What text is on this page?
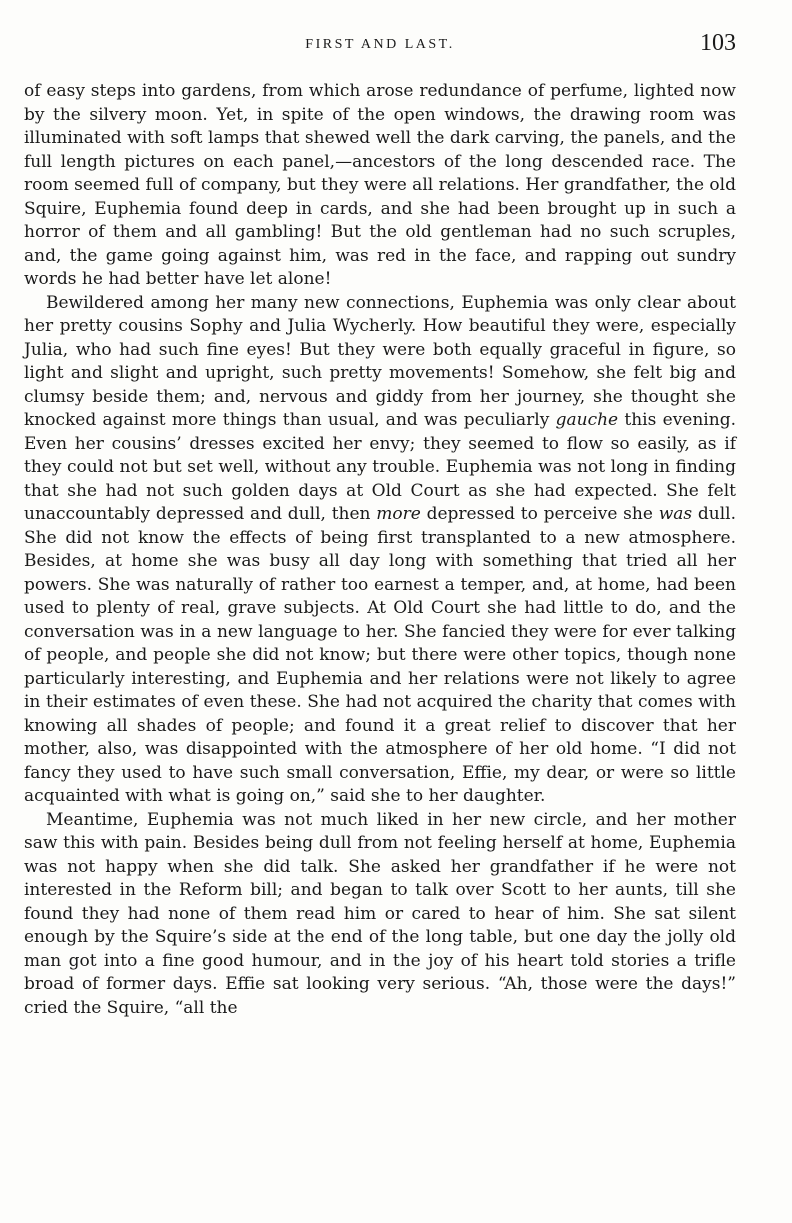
FIRST AND LAST.	103

of easy steps into gardens, from which arose redundance of perfume, lighted now by the silvery moon. Yet, in spite of the open windows, the drawing room was illuminated with soft lamps that shewed well the dark carving, the panels, and the full length pictures on each panel,—ancestors of the long descended race. The room seemed full of company, but they were all relations. Her grandfather, the old Squire, Euphemia found deep in cards, and she had been brought up in such a horror of them and all gambling! But the old gentleman had no such scruples, and, the game going against him, was red in the face, and rapping out sundry words he had better have let alone!

Bewildered among her many new connections, Euphemia was only clear about her pretty cousins Sophy and Julia Wycherly. How beautiful they were, especially Julia, who had such fine eyes! But they were both equally graceful in figure, so light and slight and upright, such pretty movements! Somehow, she felt big and clumsy beside them; and, nervous and giddy from her journey, she thought she knocked against more things than usual, and was peculiarly gauche this evening. Even her cousins’ dresses excited her envy; they seemed to flow so easily, as if they could not but set well, without any trouble. Euphemia was not long in finding that she had not such golden days at Old Court as she had expected. She felt unaccountably depressed and dull, then more depressed to perceive she was dull. She did not know the effects of being first transplanted to a new atmosphere. Besides, at home she was busy all day long with something that tried all her powers. She was naturally of rather too earnest a temper, and, at home, had been used to plenty of real, grave subjects. At Old Court she had little to do, and the conversation was in a new language to her. She fancied they were for ever talking of people, and people she did not know; but there were other topics, though none particularly interesting, and Euphemia and her relations were not likely to agree in their estimates of even these. She had not acquired the charity that comes with knowing all shades of people; and found it a great relief to discover that her mother, also, was disappointed with the atmosphere of her old home. “I did not fancy they used to have such small conversation, Effie, my dear, or were so little acquainted with what is going on,” said she to her daughter.

Meantime, Euphemia was not much liked in her new circle, and her mother saw this with pain. Besides being dull from not feeling herself at home, Euphemia was not happy when she did talk. She asked her grandfather if he were not interested in the Reform bill; and began to talk over Scott to her aunts, till she found they had none of them read him or cared to hear of him. She sat silent enough by the Squire’s side at the end of the long table, but one day the jolly old man got into a fine good humour, and in the joy of his heart told stories a trifle broad of former days. Effie sat looking very serious. “Ah, those were the days!” cried the Squire, “all the
